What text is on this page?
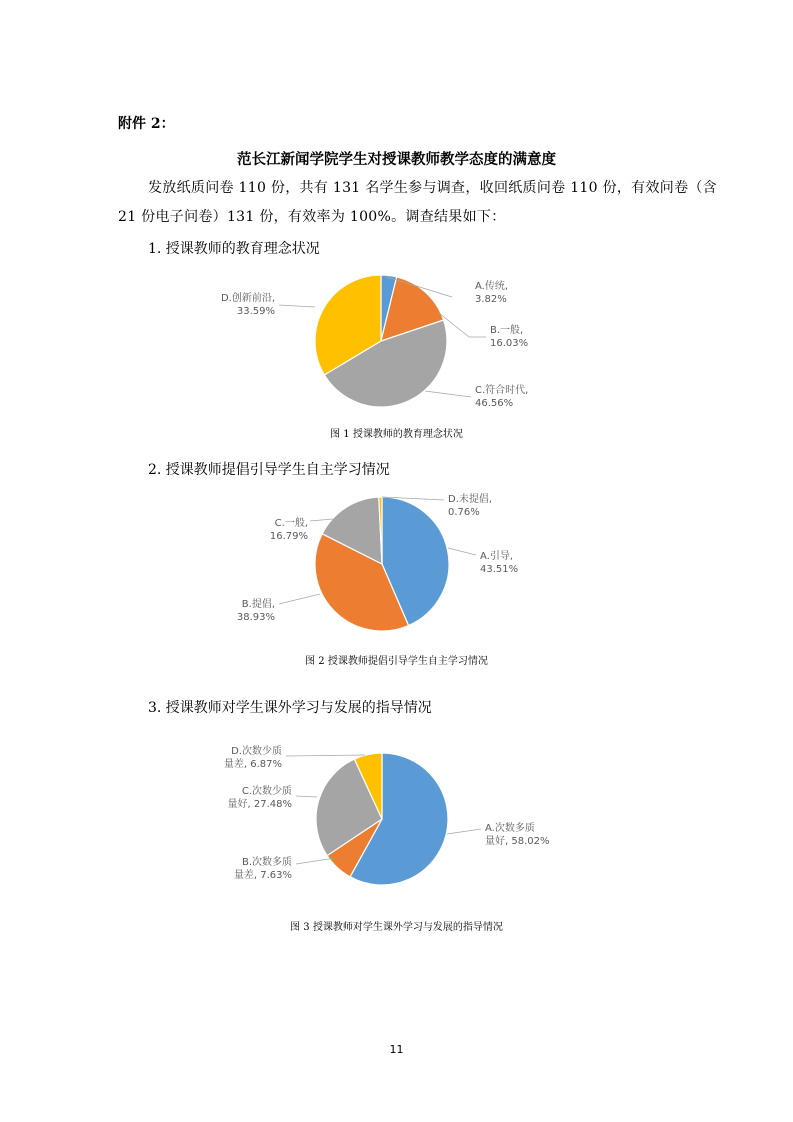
附件 2：
范长江新闻学院学生对授课教师教学态度的满意度
发放纸质问卷 110 份，共有 131 名学生参与调查，收回纸质问卷 110 份，有效问卷（含
21 份电子问卷）131 份，有效率为 100%。调查结果如下：
1. 授课教师的教育理念状况
A.传统, 3.82%
B.一般, 16.03%
C.符合时代, 46.56%
D.创新前沿, 33.59%
图 1 授课教师的教育理念状况
2. 授课教师提倡引导学生自主学习情况
A.引导, 43.51%
B.提倡, 38.93%
C.一般, 16.79%
D.未提倡, 0.76%
图 2 授课教师提倡引导学生自主学习情况
3. 授课教师对学生课外学习与发展的指导情况
A.次数多质量好, 58.02%
B.次数多质量差, 7.63%
C.次数少质量好, 27.48%
D.次数少质量差, 6.87%
图 3 授课教师对学生课外学习与发展的指导情况
11
